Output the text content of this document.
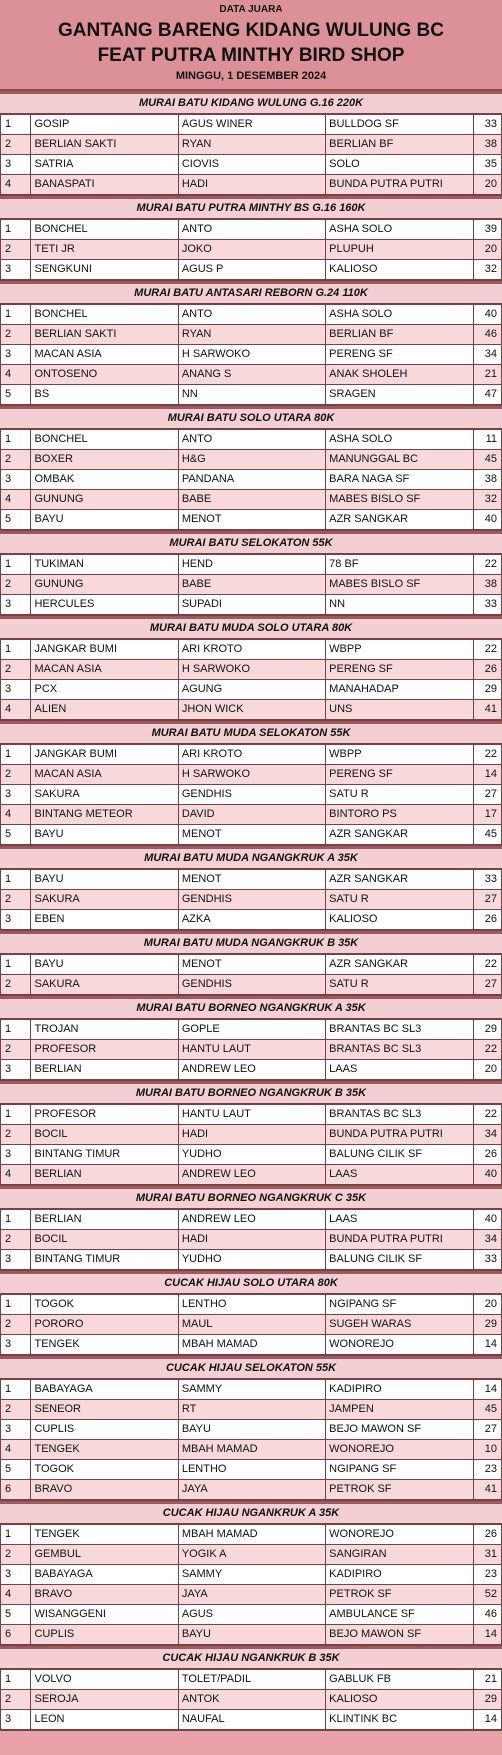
DATA JUARA
GANTANG BARENG KIDANG WULUNG BC
FEAT PUTRA MINTHY BIRD SHOP
MINGGU, 1 DESEMBER 2024
MURAI BATU KIDANG WULUNG G.16 220K
1	GOSIP	AGUS WINER	BULLDOG SF	33
2	BERLIAN SAKTI	RYAN	BERLIAN BF	38
3	SATRIA	CIOVIS	SOLO	35
4	BANASPATI	HADI	BUNDA PUTRA PUTRI	20
MURAI BATU PUTRA MINTHY BS G.16 160K
1	BONCHEL	ANTO	ASHA SOLO	39
2	TETI JR	JOKO	PLUPUH	20
3	SENGKUNI	AGUS P	KALIOSO	32
MURAI BATU ANTASARI REBORN G.24 110K
1	BONCHEL	ANTO	ASHA SOLO	40
2	BERLIAN SAKTI	RYAN	BERLIAN BF	46
3	MACAN ASIA	H SARWOKO	PERENG SF	34
4	ONTOSENO	ANANG S	ANAK SHOLEH	21
5	BS	NN	SRAGEN	47
MURAI BATU SOLO UTARA 80K
1	BONCHEL	ANTO	ASHA SOLO	11
2	BOXER	H&G	MANUNGGAL BC	45
3	OMBAK	PANDANA	BARA NAGA SF	38
4	GUNUNG	BABE	MABES BISLO SF	32
5	BAYU	MENOT	AZR SANGKAR	40
MURAI BATU SELOKATON 55K
1	TUKIMAN	HEND	78 BF	22
2	GUNUNG	BABE	MABES BISLO SF	38
3	HERCULES	SUPADI	NN	33
MURAI BATU MUDA SOLO UTARA 80K
1	JANGKAR BUMI	ARI KROTO	WBPP	22
2	MACAN ASIA	H SARWOKO	PERENG SF	26
3	PCX	AGUNG	MANAHADAP	29
4	ALIEN	JHON WICK	UNS	41
MURAI BATU MUDA SELOKATON 55K
1	JANGKAR BUMI	ARI KROTO	WBPP	22
2	MACAN ASIA	H SARWOKO	PERENG SF	14
3	SAKURA	GENDHIS	SATU R	27
4	BINTANG METEOR	DAVID	BINTORO PS	17
5	BAYU	MENOT	AZR SANGKAR	45
MURAI BATU MUDA NGANGKRUK A 35K
1	BAYU	MENOT	AZR SANGKAR	33
2	SAKURA	GENDHIS	SATU R	27
3	EBEN	AZKA	KALIOSO	26
MURAI BATU MUDA NGANGKRUK B 35K
1	BAYU	MENOT	AZR SANGKAR	22
2	SAKURA	GENDHIS	SATU R	27
MURAI BATU BORNEO NGANGKRUK A 35K
1	TROJAN	GOPLE	BRANTAS BC SL3	29
2	PROFESOR	HANTU LAUT	BRANTAS BC SL3	22
3	BERLIAN	ANDREW LEO	LAAS	20
MURAI BATU BORNEO NGANGKRUK B 35K
1	PROFESOR	HANTU LAUT	BRANTAS BC SL3	22
2	BOCIL	HADI	BUNDA PUTRA PUTRI	34
3	BINTANG TIMUR	YUDHO	BALUNG CILIK SF	26
4	BERLIAN	ANDREW LEO	LAAS	40
MURAI BATU BORNEO NGANGKRUK C 35K
1	BERLIAN	ANDREW LEO	LAAS	40
2	BOCIL	HADI	BUNDA PUTRA PUTRI	34
3	BINTANG TIMUR	YUDHO	BALUNG CILIK SF	33
CUCAK HIJAU SOLO UTARA 80K
1	TOGOK	LENTHO	NGIPANG SF	20
2	PORORO	MAUL	SUGEH WARAS	29
3	TENGEK	MBAH MAMAD	WONOREJO	14
CUCAK HIJAU SELOKATON 55K
1	BABAYAGA	SAMMY	KADIPIRO	14
2	SENEOR	RT	JAMPEN	45
3	CUPLIS	BAYU	BEJO MAWON SF	27
4	TENGEK	MBAH MAMAD	WONOREJO	10
5	TOGOK	LENTHO	NGIPANG SF	23
6	BRAVO	JAYA	PETROK SF	41
CUCAK HIJAU NGANKRUK A 35K
1	TENGEK	MBAH MAMAD	WONOREJO	26
2	GEMBUL	YOGIK A	SANGIRAN	31
3	BABAYAGA	SAMMY	KADIPIRO	23
4	BRAVO	JAYA	PETROK SF	52
5	WISANGGENI	AGUS	AMBULANCE SF	46
6	CUPLIS	BAYU	BEJO MAWON SF	14
CUCAK HIJAU NGANKRUK B 35K
1	VOLVO	TOLET/PADIL	GABLUK FB	21
2	SEROJA	ANTOK	KALIOSO	29
3	LEON	NAUFAL	KLINTINK BC	14
